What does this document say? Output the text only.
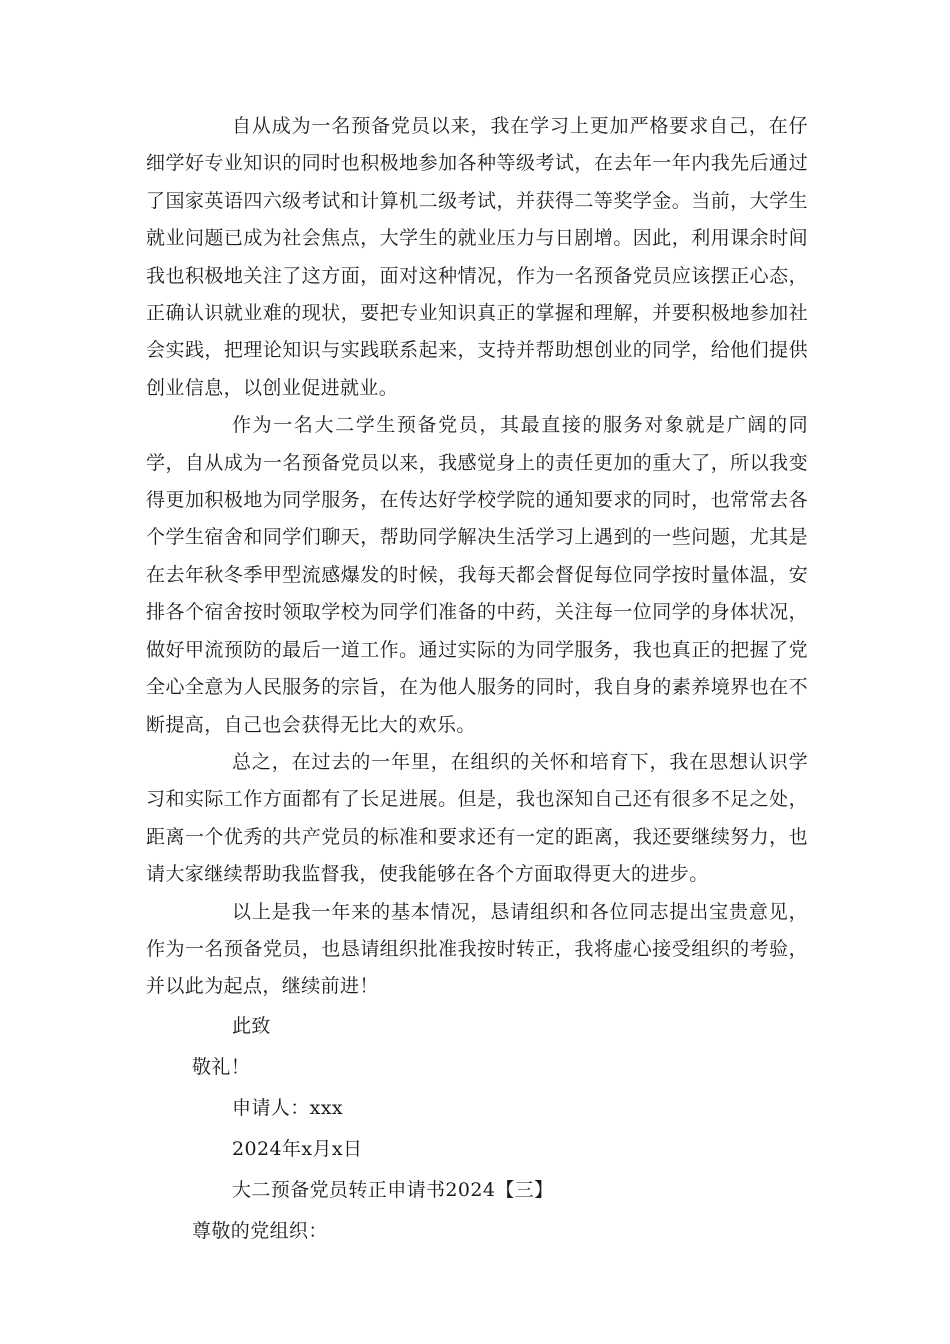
自从成为一名预备党员以来，我在学习上更加严格要求自己，在仔细学好专业知识的同时也积极地参加各种等级考试，在去年一年内我先后通过了国家英语四六级考试和计算机二级考试，并获得二等奖学金。当前，大学生就业问题已成为社会焦点，大学生的就业压力与日剧增。因此，利用课余时间我也积极地关注了这方面，面对这种情况，作为一名预备党员应该摆正心态，正确认识就业难的现状，要把专业知识真正的掌握和理解，并要积极地参加社会实践，把理论知识与实践联系起来，支持并帮助想创业的同学，给他们提供创业信息，以创业促进就业。

作为一名大二学生预备党员，其最直接的服务对象就是广阔的同学，自从成为一名预备党员以来，我感觉身上的责任更加的重大了，所以我变得更加积极地为同学服务，在传达好学校学院的通知要求的同时，也常常去各个学生宿舍和同学们聊天，帮助同学解决生活学习上遇到的一些问题，尤其是在去年秋冬季甲型流感爆发的时候，我每天都会督促每位同学按时量体温，安排各个宿舍按时领取学校为同学们准备的中药，关注每一位同学的身体状况，做好甲流预防的最后一道工作。通过实际的为同学服务，我也真正的把握了党全心全意为人民服务的宗旨，在为他人服务的同时，我自身的素养境界也在不断提高，自己也会获得无比大的欢乐。

总之，在过去的一年里，在组织的关怀和培育下，我在思想认识学习和实际工作方面都有了长足进展。但是，我也深知自己还有很多不足之处，距离一个优秀的共产党员的标准和要求还有一定的距离，我还要继续努力，也请大家继续帮助我监督我，使我能够在各个方面取得更大的进步。

以上是我一年来的基本情况，恳请组织和各位同志提出宝贵意见，作为一名预备党员，也恳请组织批准我按时转正，我将虚心接受组织的考验，并以此为起点，继续前进！

此致

敬礼！

申请人：xxx

2024年x月x日

大二预备党员转正申请书2024【三】

尊敬的党组织：
